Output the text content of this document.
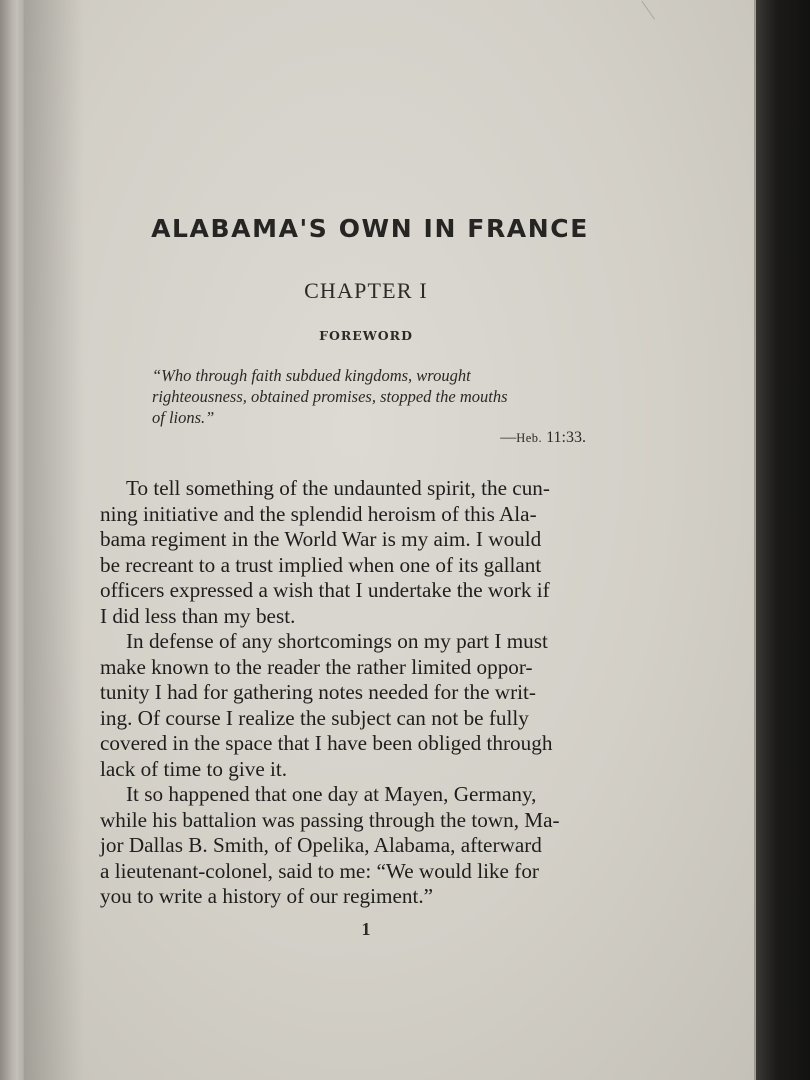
ALABAMA'S OWN IN FRANCE
CHAPTER I
FOREWORD
“Who through faith subdued kingdoms, wrought
righteousness, obtained promises, stopped the mouths
of lions.”
—Heb. 11:33.
To tell something of the undaunted spirit, the cun-
ning initiative and the splendid heroism of this Ala-
bama regiment in the World War is my aim. I would
be recreant to a trust implied when one of its gallant
officers expressed a wish that I undertake the work if
I did less than my best.
In defense of any shortcomings on my part I must
make known to the reader the rather limited oppor-
tunity I had for gathering notes needed for the writ-
ing. Of course I realize the subject can not be fully
covered in the space that I have been obliged through
lack of time to give it.
It so happened that one day at Mayen, Germany,
while his battalion was passing through the town, Ma-
jor Dallas B. Smith, of Opelika, Alabama, afterward
a lieutenant-colonel, said to me: “We would like for
you to write a history of our regiment.”
1
